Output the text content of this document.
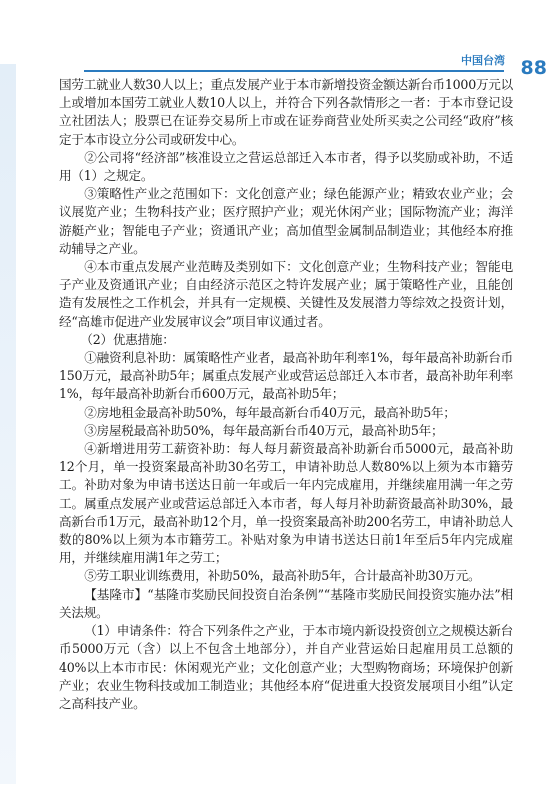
中国台湾 88

国劳工就业人数30人以上；重点发展产业于本市新增投资金额达新台币1000万元以上或增加本国劳工就业人数10人以上，并符合下列各款情形之一者：于本市登记设立社团法人；股票已在证券交易所上市或在证券商营业处所买卖之公司经“政府”核定于本市设立分公司或研发中心。

②公司将“经济部”核准设立之营运总部迁入本市者，得予以奖励或补助，不适用（1）之规定。

③策略性产业之范围如下：文化创意产业；绿色能源产业；精致农业产业；会议展览产业；生物科技产业；医疗照护产业；观光休闲产业；国际物流产业；海洋游艇产业；智能电子产业；资通讯产业；高加值型金属制品制造业；其他经本府推动辅导之产业。

④本市重点发展产业范畴及类别如下：文化创意产业；生物科技产业；智能电子产业及资通讯产业；自由经济示范区之特许发展产业；属于策略性产业，且能创造有发展性之工作机会，并具有一定规模、关键性及发展潜力等综效之投资计划，经“高雄市促进产业发展审议会”项目审议通过者。

（2）优惠措施：

①融资利息补助：属策略性产业者，最高补助年利率1%，每年最高补助新台币150万元，最高补助5年；属重点发展产业或营运总部迁入本市者，最高补助年利率1%，每年最高补助新台币600万元，最高补助5年；

②房地租金最高补助50%，每年最高新台币40万元，最高补助5年；

③房屋税最高补助50%，每年最高新台币40万元，最高补助5年；

④新增进用劳工薪资补助：每人每月薪资最高补助新台币5000元，最高补助12个月，单一投资案最高补助30名劳工，申请补助总人数80%以上须为本市籍劳工。补助对象为申请书送达日前一年或后一年内完成雇用，并继续雇用满一年之劳工。属重点发展产业或营运总部迁入本市者，每人每月补助薪资最高补助30%，最高新台币1万元，最高补助12个月，单一投资案最高补助200名劳工，申请补助总人数的80%以上须为本市籍劳工。补贴对象为申请书送达日前1年至后5年内完成雇用，并继续雇用满1年之劳工；

⑤劳工职业训练费用，补助50%，最高补助5年，合计最高补助30万元。

【基隆市】“基隆市奖励民间投资自治条例”“基隆市奖励民间投资实施办法”相关法规。

（1）申请条件：符合下列条件之产业，于本市境内新设投资创立之规模达新台币5000万元（含）以上不包含土地部分），并自产业营运始日起雇用员工总额的40%以上本市市民：休闲观光产业；文化创意产业；大型购物商场；环境保护创新产业；农业生物科技或加工制造业；其他经本府“促进重大投资发展项目小组”认定之高科技产业。
